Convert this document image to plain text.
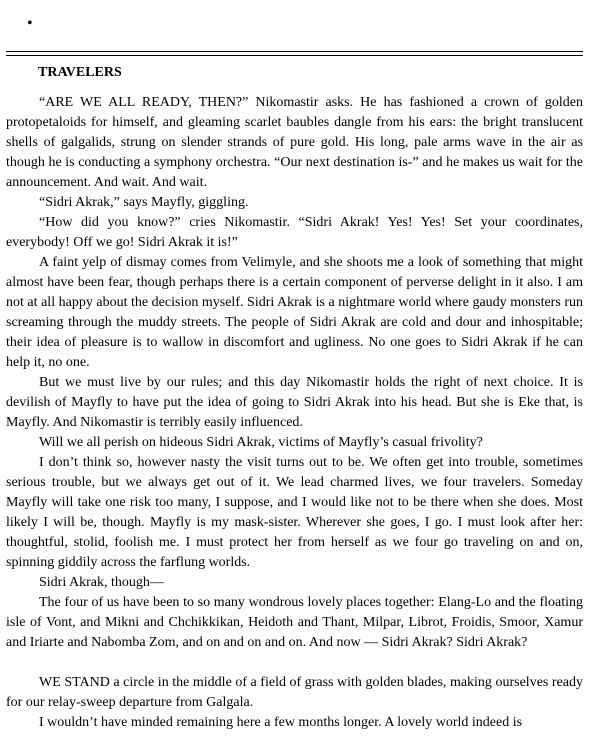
•
TRAVELERS

“ARE WE ALL READY, THEN?” Nikomastir asks. He has fashioned a crown of golden protopetaloids for himself, and gleaming scarlet baubles dangle from his ears: the bright translucent shells of galgalids, strung on slender strands of pure gold. His long, pale arms wave in the air as though he is conducting a symphony orchestra. “Our next destination is-” and he makes us wait for the announcement. And wait. And wait.

“Sidri Akrak,” says Mayfly, giggling.

“How did you know?” cries Nikomastir. “Sidri Akrak! Yes! Yes! Set your coordinates, everybody! Off we go! Sidri Akrak it is!”

A faint yelp of dismay comes from Velimyle, and she shoots me a look of something that might almost have been fear, though perhaps there is a certain component of perverse delight in it also. I am not at all happy about the decision myself. Sidri Akrak is a nightmare world where gaudy monsters run screaming through the muddy streets. The people of Sidri Akrak are cold and dour and inhospitable; their idea of pleasure is to wallow in discomfort and ugliness. No one goes to Sidri Akrak if he can help it, no one.

But we must live by our rules; and this day Nikomastir holds the right of next choice. It is devilish of Mayfly to have put the idea of going to Sidri Akrak into his head. But she is Eke that, is Mayfly. And Nikomastir is terribly easily influenced.

Will we all perish on hideous Sidri Akrak, victims of Mayfly’s casual frivolity?

I don’t think so, however nasty the visit turns out to be. We often get into trouble, sometimes serious trouble, but we always get out of it. We lead charmed lives, we four travelers. Someday Mayfly will take one risk too many, I suppose, and I would like not to be there when she does. Most likely I will be, though. Mayfly is my mask-sister. Wherever she goes, I go. I must look after her: thoughtful, stolid, foolish me. I must protect her from herself as we four go traveling on and on, spinning giddily across the farflung worlds.

Sidri Akrak, though—

The four of us have been to so many wondrous lovely places together: Elang-Lo and the floating isle of Vont, and Mikni and Chchikkikan, Heidoth and Thant, Milpar, Librot, Froidis, Smoor, Xamur and Iriarte and Nabomba Zom, and on and on and on. And now — Sidri Akrak? Sidri Akrak?

WE STAND a circle in the middle of a field of grass with golden blades, making ourselves ready for our relay-sweep departure from Galgala.

I wouldn’t have minded remaining here a few months longer. A lovely world indeed is
